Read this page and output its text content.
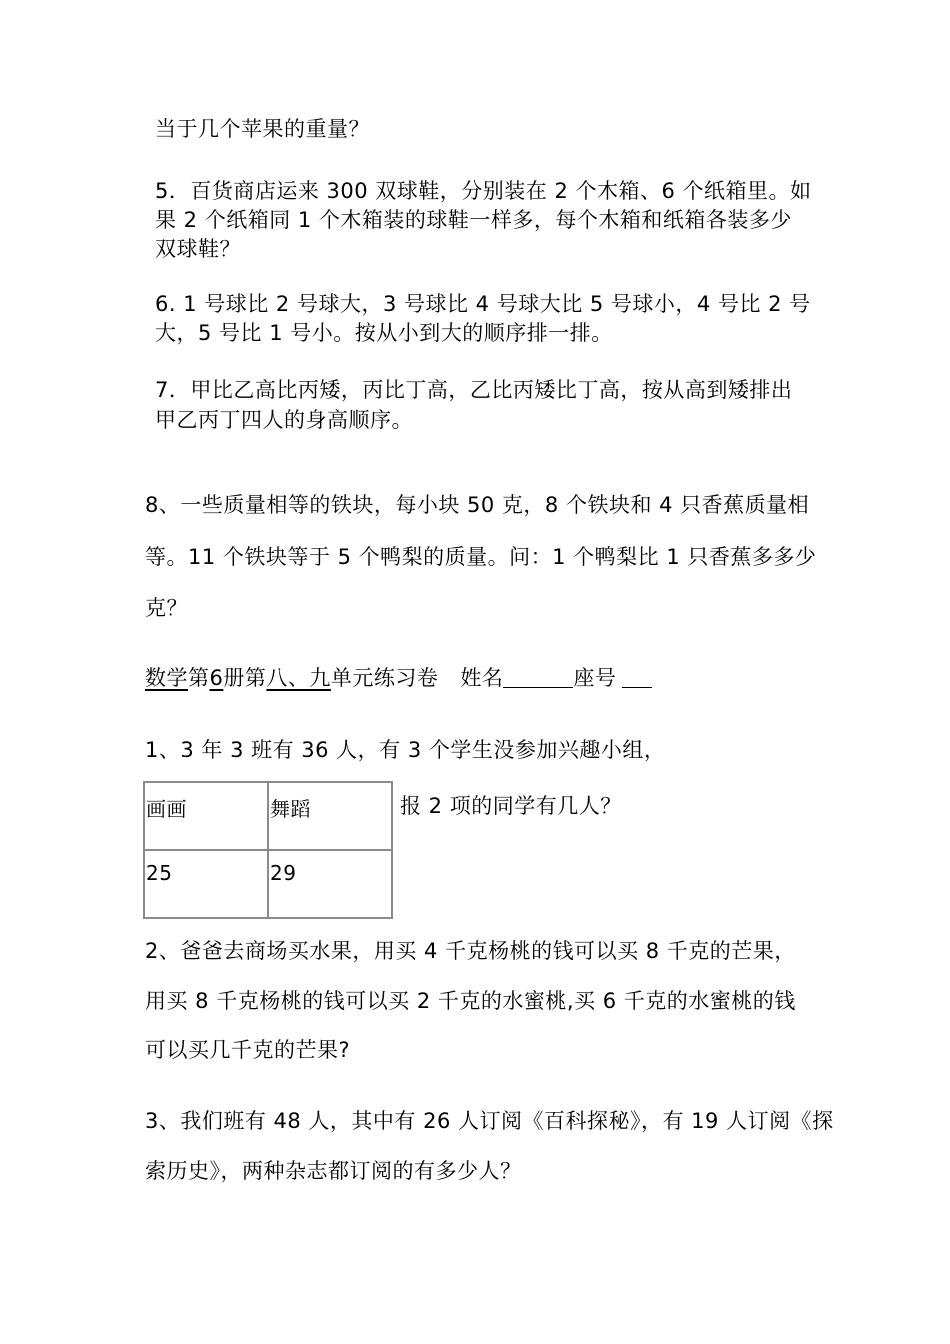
当于几个苹果的重量？
5．百货商店运来 300 双球鞋，分别装在 2 个木箱、6 个纸箱里。如
果 2 个纸箱同 1 个木箱装的球鞋一样多，每个木箱和纸箱各装多少
双球鞋？
6. 1 号球比 2 号球大，3 号球比 4 号球大比 5 号球小，4 号比 2 号
大，5 号比 1 号小。按从小到大的顺序排一排。
7．甲比乙高比丙矮，丙比丁高，乙比丙矮比丁高，按从高到矮排出
甲乙丙丁四人的身高顺序。
8、一些质量相等的铁块，每小块 50 克，8 个铁块和 4 只香蕉质量相
等。11 个铁块等于 5 个鸭梨的质量。问：1 个鸭梨比 1 只香蕉多多少
克？
数学第6册第八、九单元练习卷 姓名	座号
1、3 年 3 班有 36 人，有 3 个学生没参加兴趣小组，
画画	舞蹈
25	29
报 2 项的同学有几人？
2、爸爸去商场买水果，用买 4 千克杨桃的钱可以买 8 千克的芒果，
用买 8 千克杨桃的钱可以买 2 千克的水蜜桃,买 6 千克的水蜜桃的钱
可以买几千克的芒果?
3、我们班有 48 人，其中有 26 人订阅《百科探秘》，有 19 人订阅《探
索历史》，两种杂志都订阅的有多少人？
